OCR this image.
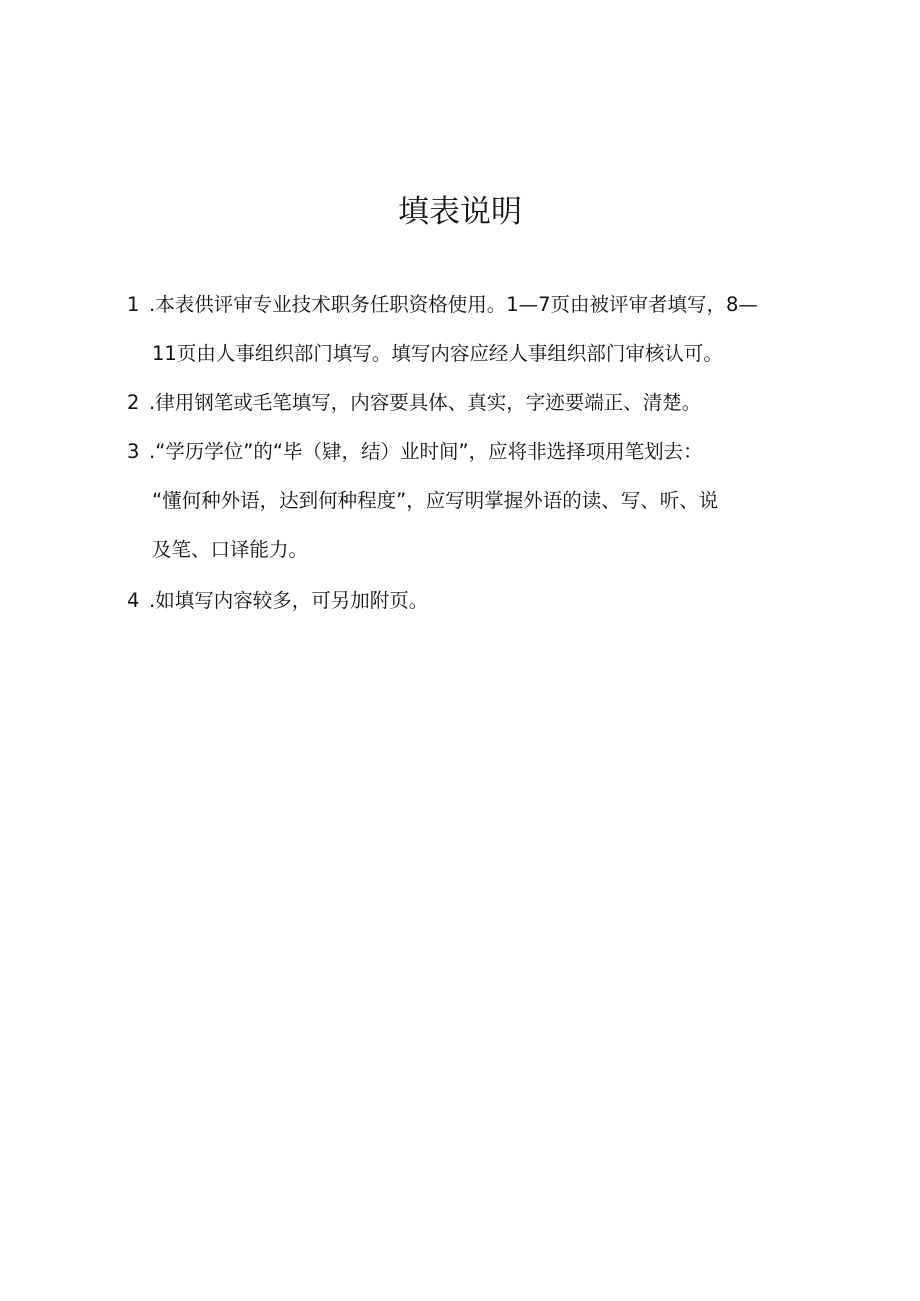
填表说明

1 .本表供评审专业技术职务任职资格使用。1—7页由被评审者填写，8—

11页由人事组织部门填写。填写内容应经人事组织部门审核认可。

2 .律用钢笔或毛笔填写，内容要具体、真实，字迹要端正、清楚。

3 .“学历学位”的“毕（肄，结）业时间”，应将非选择项用笔划去：

“懂何种外语，达到何种程度”，应写明掌握外语的读、写、听、说

及笔、口译能力。

4 .如填写内容较多，可另加附页。
